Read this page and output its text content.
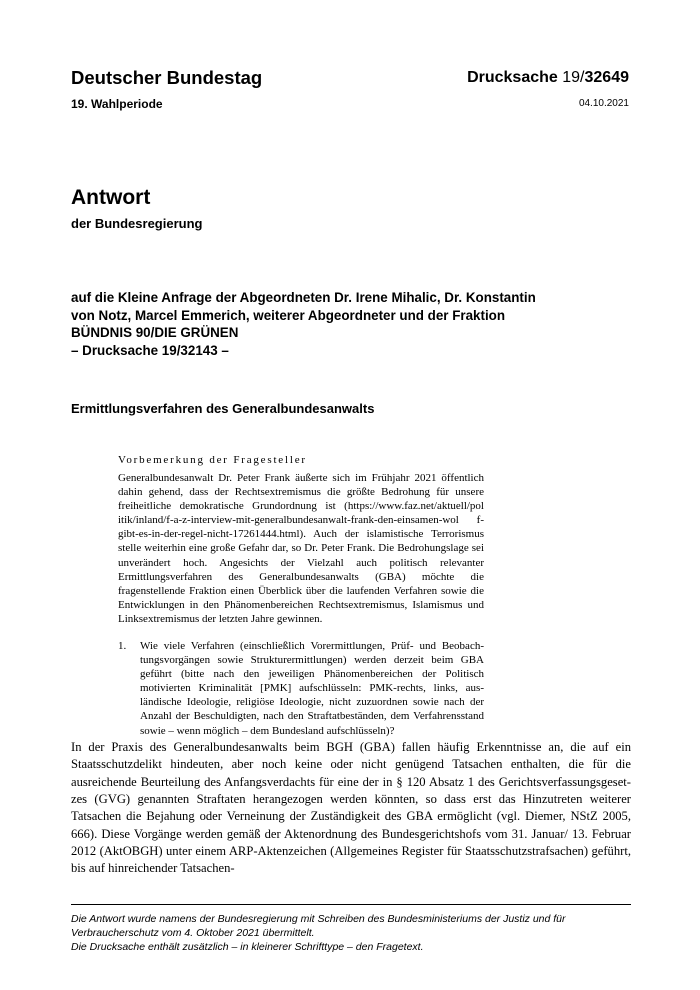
Deutscher Bundestag
19. Wahlperiode
Drucksache 19/32649
04.10.2021
Antwort
der Bundesregierung
auf die Kleine Anfrage der Abgeordneten Dr. Irene Mihalic, Dr. Konstantin
von Notz, Marcel Emmerich, weiterer Abgeordneter und der Fraktion
BÜNDNIS 90/DIE GRÜNEN
– Drucksache 19/32143 –
Ermittlungsverfahren des Generalbundesanwalts
Vorbemerkung der Fragesteller
Generalbundesanwalt Dr. Peter Frank äußerte sich im Frühjahr 2021 öffentlich dahin gehend, dass der Rechtsextremismus die größte Bedrohung für unsere freiheitliche demokratische Grundordnung ist (https://www.faz.net/aktuell/pol itik/inland/f-a-z-interview-mit-generalbundesanwalt-frank-den-einsamen-wol f-gibt-es-in-der-regel-nicht-17261444.html). Auch der islamistische Terrorismus stelle weiterhin eine große Gefahr dar, so Dr. Peter Frank. Die Bedrohungslage sei unverändert hoch. Angesichts der Vielzahl auch politisch relevanter Ermittlungsverfahren des Generalbundesanwalts (GBA) möchte die fragenstellende Fraktion einen Überblick über die laufenden Verfahren sowie die Entwicklungen in den Phänomenbereichen Rechtsextremismus, Islamismus und Linksextremismus der letzten Jahre gewinnen.
1. Wie viele Verfahren (einschließlich Vorermittlungen, Prüf- und Beobachtungsvorgängen sowie Strukturermittlungen) werden derzeit beim GBA geführt (bitte nach den jeweiligen Phänomenbereichen der Politisch motivierten Kriminalität [PMK] aufschlüsseln: PMK-rechts, links, ausländische Ideologie, religiöse Ideologie, nicht zuzuordnen sowie nach der Anzahl der Beschuldigten, nach den Straftatbeständen, dem Verfahrensstand sowie – wenn möglich – dem Bundesland aufschlüsseln)?
In der Praxis des Generalbundesanwalts beim BGH (GBA) fallen häufig Erkenntnisse an, die auf ein Staatsschutzdelikt hindeuten, aber noch keine oder nicht genügend Tatsachen enthalten, die für die ausreichende Beurteilung des Anfangsverdachts für eine der in § 120 Absatz 1 des Gerichtsverfassungsgesetzes (GVG) genannten Straftaten herangezogen werden könnten, so dass erst das Hinzutreten weiterer Tatsachen die Bejahung oder Verneinung der Zuständigkeit des GBA ermöglicht (vgl. Diemer, NStZ 2005, 666). Diese Vorgänge werden gemäß der Aktenordnung des Bundesgerichtshofs vom 31. Januar/ 13. Februar 2012 (AktOBGH) unter einem ARP-Aktenzeichen (Allgemeines Register für Staatsschutzstrafsachen) geführt, bis auf hinreichender Tatsachen-
Die Antwort wurde namens der Bundesregierung mit Schreiben des Bundesministeriums der Justiz und für Verbraucherschutz vom 4. Oktober 2021 übermittelt.
Die Drucksache enthält zusätzlich – in kleinerer Schrifttype – den Fragetext.
